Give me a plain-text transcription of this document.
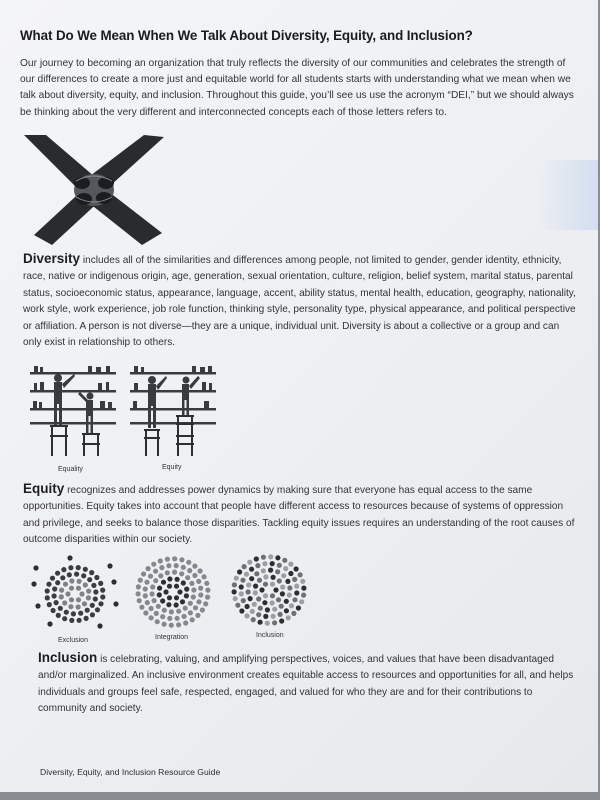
What Do We Mean When We Talk About Diversity, Equity, and Inclusion?

Our journey to becoming an organization that truly reflects the diversity of our communities and celebrates the strength of our differences to create a more just and equitable world for all students starts with understanding what we mean when we talk about diversity, equity, and inclusion. Throughout this guide, you’ll see us use the acronym “DEI,” but we should always be thinking about the very different and interconnected concepts each of those letters refers to.

Diversity includes all of the similarities and differences among people, not limited to gender, gender identity, ethnicity, race, native or indigenous origin, age, generation, sexual orientation, culture, religion, belief system, marital status, parental status, socioeconomic status, appearance, language, accent, ability status, mental health, education, geography, nationality, work style, work experience, job role function, thinking style, personality type, physical appearance, and political perspective or affiliation. A person is not diverse—they are a unique, individual unit. Diversity is about a collective or a group and can only exist in relationship to others.

Equality	Equity

Equity recognizes and addresses power dynamics by making sure that everyone has equal access to the same opportunities. Equity takes into account that people have different access to resources because of systems of oppression and privilege, and seeks to balance those disparities. Tackling equity issues requires an understanding of the root causes of outcome disparities within our society.

Exclusion	Integration	Inclusion

Inclusion is celebrating, valuing, and amplifying perspectives, voices, and values that have been disadvantaged and/or marginalized. An inclusive environment creates equitable access to resources and opportunities for all, and helps individuals and groups feel safe, respected, engaged, and valued for who they are and for their contributions to community and society.

Diversity, Equity, and Inclusion Resource Guide
